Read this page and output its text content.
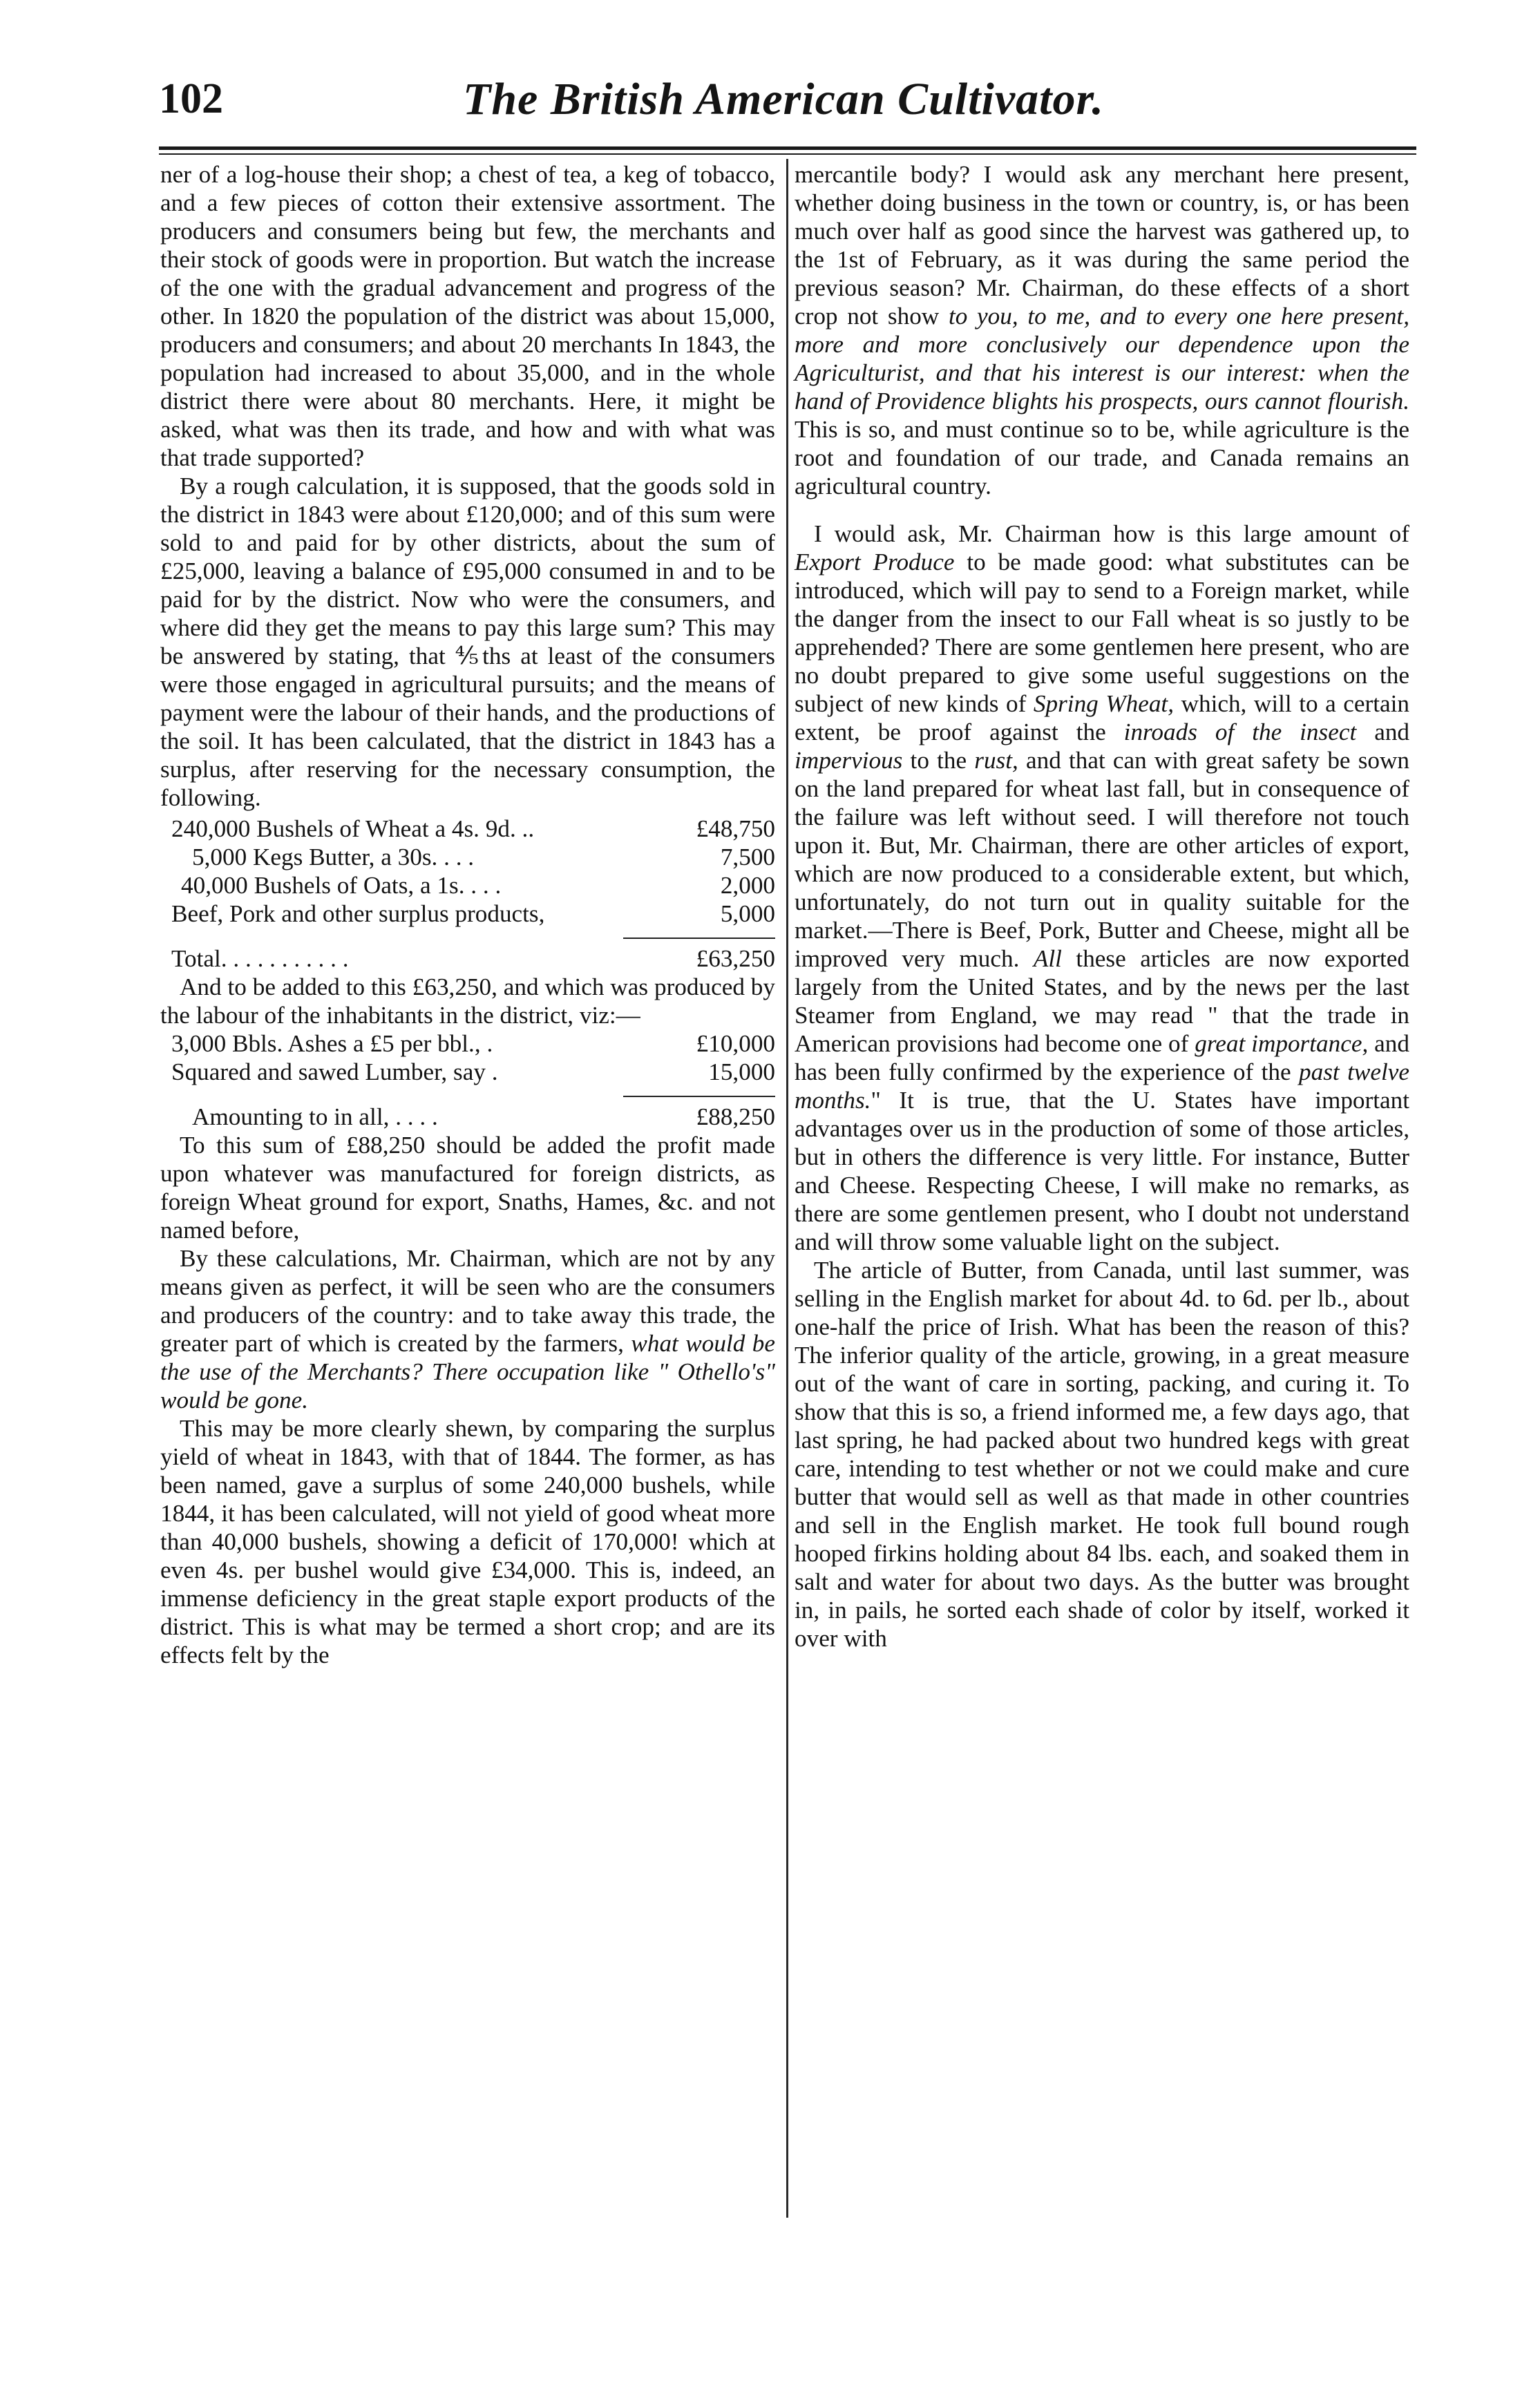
102	The British American Cultivator.

ner of a log-house their shop; a chest of tea, a keg of tobacco, and a few pieces of cotton their extensive assortment. The producers and consumers being but few, the merchants and their stock of goods were in proportion. But watch the increase of the one with the gradual advancement and progress of the other. In 1820 the population of the district was about 15,000, producers and consumers; and about 20 merchants In 1843, the population had increased to about 35,000, and in the whole district there were about 80 merchants. Here, it might be asked, what was then its trade, and how and with what was that trade supported?

By a rough calculation, it is supposed, that the goods sold in the district in 1843 were about £120,000; and of this sum were sold to and paid for by other districts, about the sum of £25,000, leaving a balance of £95,000 consumed in and to be paid for by the district. Now who were the consumers, and where did they get the means to pay this large sum? This may be answered by stating, that ⅘ths at least of the consumers were those engaged in agricultural pursuits; and the means of payment were the labour of their hands, and the productions of the soil. It has been calculated, that the district in 1843 has a surplus, after reserving for the necessary consumption, the following.

240,000 Bushels of Wheat a 4s. 9d. ..	£48,750
5,000 Kegs Butter, a 30s. . . .	7,500
40,000 Bushels of Oats, a 1s. . . .	2,000
Beef, Pork and other surplus products,	5,000
Total. . . . . . . . . . .	£63,250

And to be added to this £63,250, and which was produced by the labour of the inhabitants in the district, viz:—

3,000 Bbls. Ashes a £5 per bbl., .	£10,000
Squared and sawed Lumber, say .	15,000
Amounting to in all, . . . .	£88,250

To this sum of £88,250 should be added the profit made upon whatever was manufactured for foreign districts, as foreign Wheat ground for export, Snaths, Hames, &c. and not named before,

By these calculations, Mr. Chairman, which are not by any means given as perfect, it will be seen who are the consumers and producers of the country: and to take away this trade, the greater part of which is created by the farmers, what would be the use of the Merchants? There occupation like " Othello's" would be gone.

This may be more clearly shewn, by comparing the surplus yield of wheat in 1843, with that of 1844. The former, as has been named, gave a surplus of some 240,000 bushels, while 1844, it has been calculated, will not yield of good wheat more than 40,000 bushels, showing a deficit of 170,000! which at even 4s. per bushel would give £34,000. This is, indeed, an immense deficiency in the great staple export products of the district. This is what may be termed a short crop; and are its effects felt by the

mercantile body? I would ask any merchant here present, whether doing business in the town or country, is, or has been much over half as good since the harvest was gathered up, to the 1st of February, as it was during the same period the previous season? Mr. Chairman, do these effects of a short crop not show to you, to me, and to every one here present, more and more conclusively our dependence upon the Agriculturist, and that his interest is our interest: when the hand of Providence blights his prospects, ours cannot flourish. This is so, and must continue so to be, while agriculture is the root and foundation of our trade, and Canada remains an agricultural country.

I would ask, Mr. Chairman how is this large amount of Export Produce to be made good: what substitutes can be introduced, which will pay to send to a Foreign market, while the danger from the insect to our Fall wheat is so justly to be apprehended? There are some gentlemen here present, who are no doubt prepared to give some useful suggestions on the subject of new kinds of Spring Wheat, which, will to a certain extent, be proof against the inroads of the insect and impervious to the rust, and that can with great safety be sown on the land prepared for wheat last fall, but in consequence of the failure was left without seed. I will therefore not touch upon it. But, Mr. Chairman, there are other articles of export, which are now produced to a considerable extent, but which, unfortunately, do not turn out in quality suitable for the market.—There is Beef, Pork, Butter and Cheese, might all be improved very much. All these articles are now exported largely from the United States, and by the news per the last Steamer from England, we may read " that the trade in American provisions had become one of great importance, and has been fully confirmed by the experience of the past twelve months." It is true, that the U. States have important advantages over us in the production of some of those articles, but in others the difference is very little. For instance, Butter and Cheese. Respecting Cheese, I will make no remarks, as there are some gentlemen present, who I doubt not understand and will throw some valuable light on the subject.

The article of Butter, from Canada, until last summer, was selling in the English market for about 4d. to 6d. per lb., about one-half the price of Irish. What has been the reason of this? The inferior quality of the article, growing, in a great measure out of the want of care in sorting, packing, and curing it. To show that this is so, a friend informed me, a few days ago, that last spring, he had packed about two hundred kegs with great care, intending to test whether or not we could make and cure butter that would sell as well as that made in other countries and sell in the English market. He took full bound rough hooped firkins holding about 84 lbs. each, and soaked them in salt and water for about two days. As the butter was brought in, in pails, he sorted each shade of color by itself, worked it over with
